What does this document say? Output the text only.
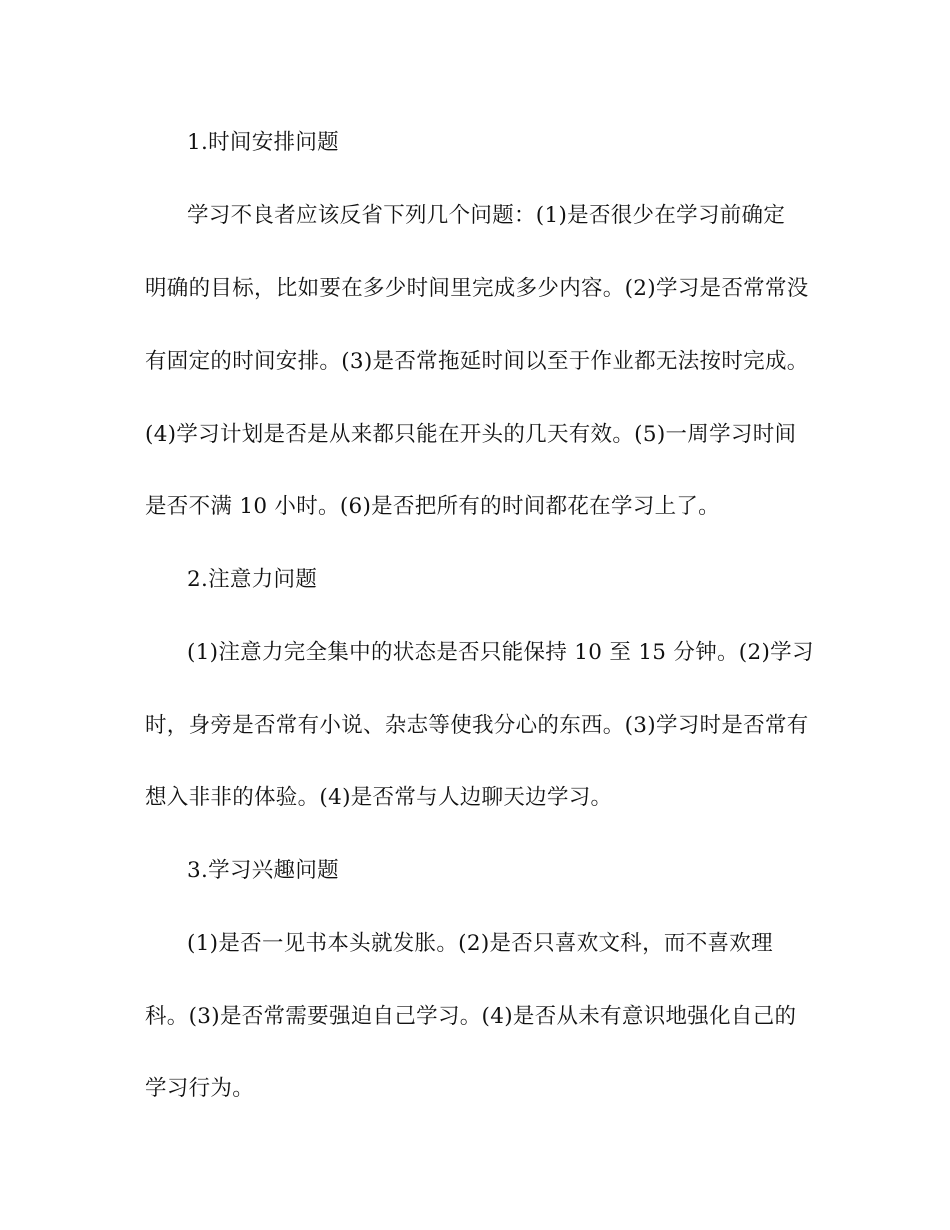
1.时间安排问题
学习不良者应该反省下列几个问题：(1)是否很少在学习前确定
明确的目标，比如要在多少时间里完成多少内容。(2)学习是否常常没
有固定的时间安排。(3)是否常拖延时间以至于作业都无法按时完成。
(4)学习计划是否是从来都只能在开头的几天有效。(5)一周学习时间
是否不满 10 小时。(6)是否把所有的时间都花在学习上了。
2.注意力问题
(1)注意力完全集中的状态是否只能保持 10 至 15 分钟。(2)学习
时，身旁是否常有小说、杂志等使我分心的东西。(3)学习时是否常有
想入非非的体验。(4)是否常与人边聊天边学习。
3.学习兴趣问题
(1)是否一见书本头就发胀。(2)是否只喜欢文科，而不喜欢理
科。(3)是否常需要强迫自己学习。(4)是否从未有意识地强化自己的
学习行为。
